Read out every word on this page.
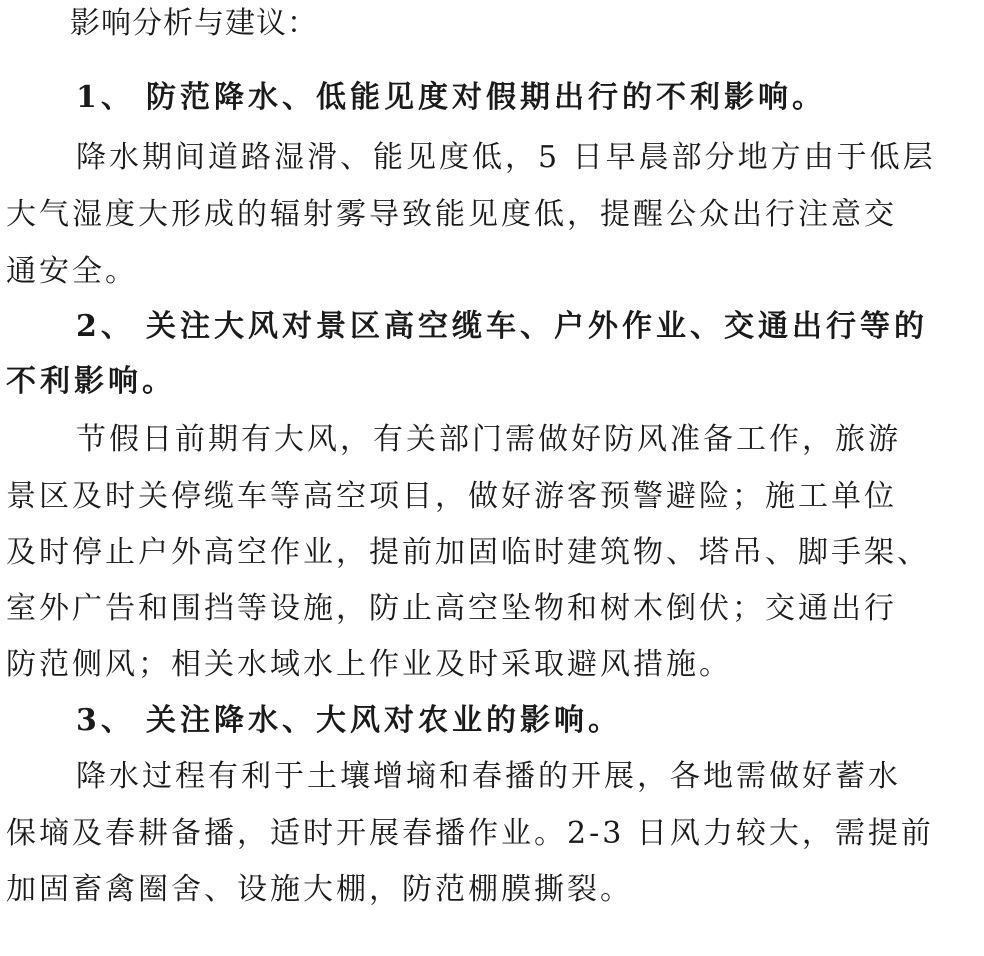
影响分析与建议：
1、 防范降水、低能见度对假期出行的不利影响。
降水期间道路湿滑、能见度低，5 日早晨部分地方由于低层
大气湿度大形成的辐射雾导致能见度低，提醒公众出行注意交
通安全。
2、 关注大风对景区高空缆车、户外作业、交通出行等的
不利影响。
节假日前期有大风，有关部门需做好防风准备工作，旅游
景区及时关停缆车等高空项目，做好游客预警避险；施工单位
及时停止户外高空作业，提前加固临时建筑物、塔吊、脚手架、
室外广告和围挡等设施，防止高空坠物和树木倒伏；交通出行
防范侧风；相关水域水上作业及时采取避风措施。
3、 关注降水、大风对农业的影响。
降水过程有利于土壤增墒和春播的开展，各地需做好蓄水
保墒及春耕备播，适时开展春播作业。2-3 日风力较大，需提前
加固畜禽圈舍、设施大棚，防范棚膜撕裂。
